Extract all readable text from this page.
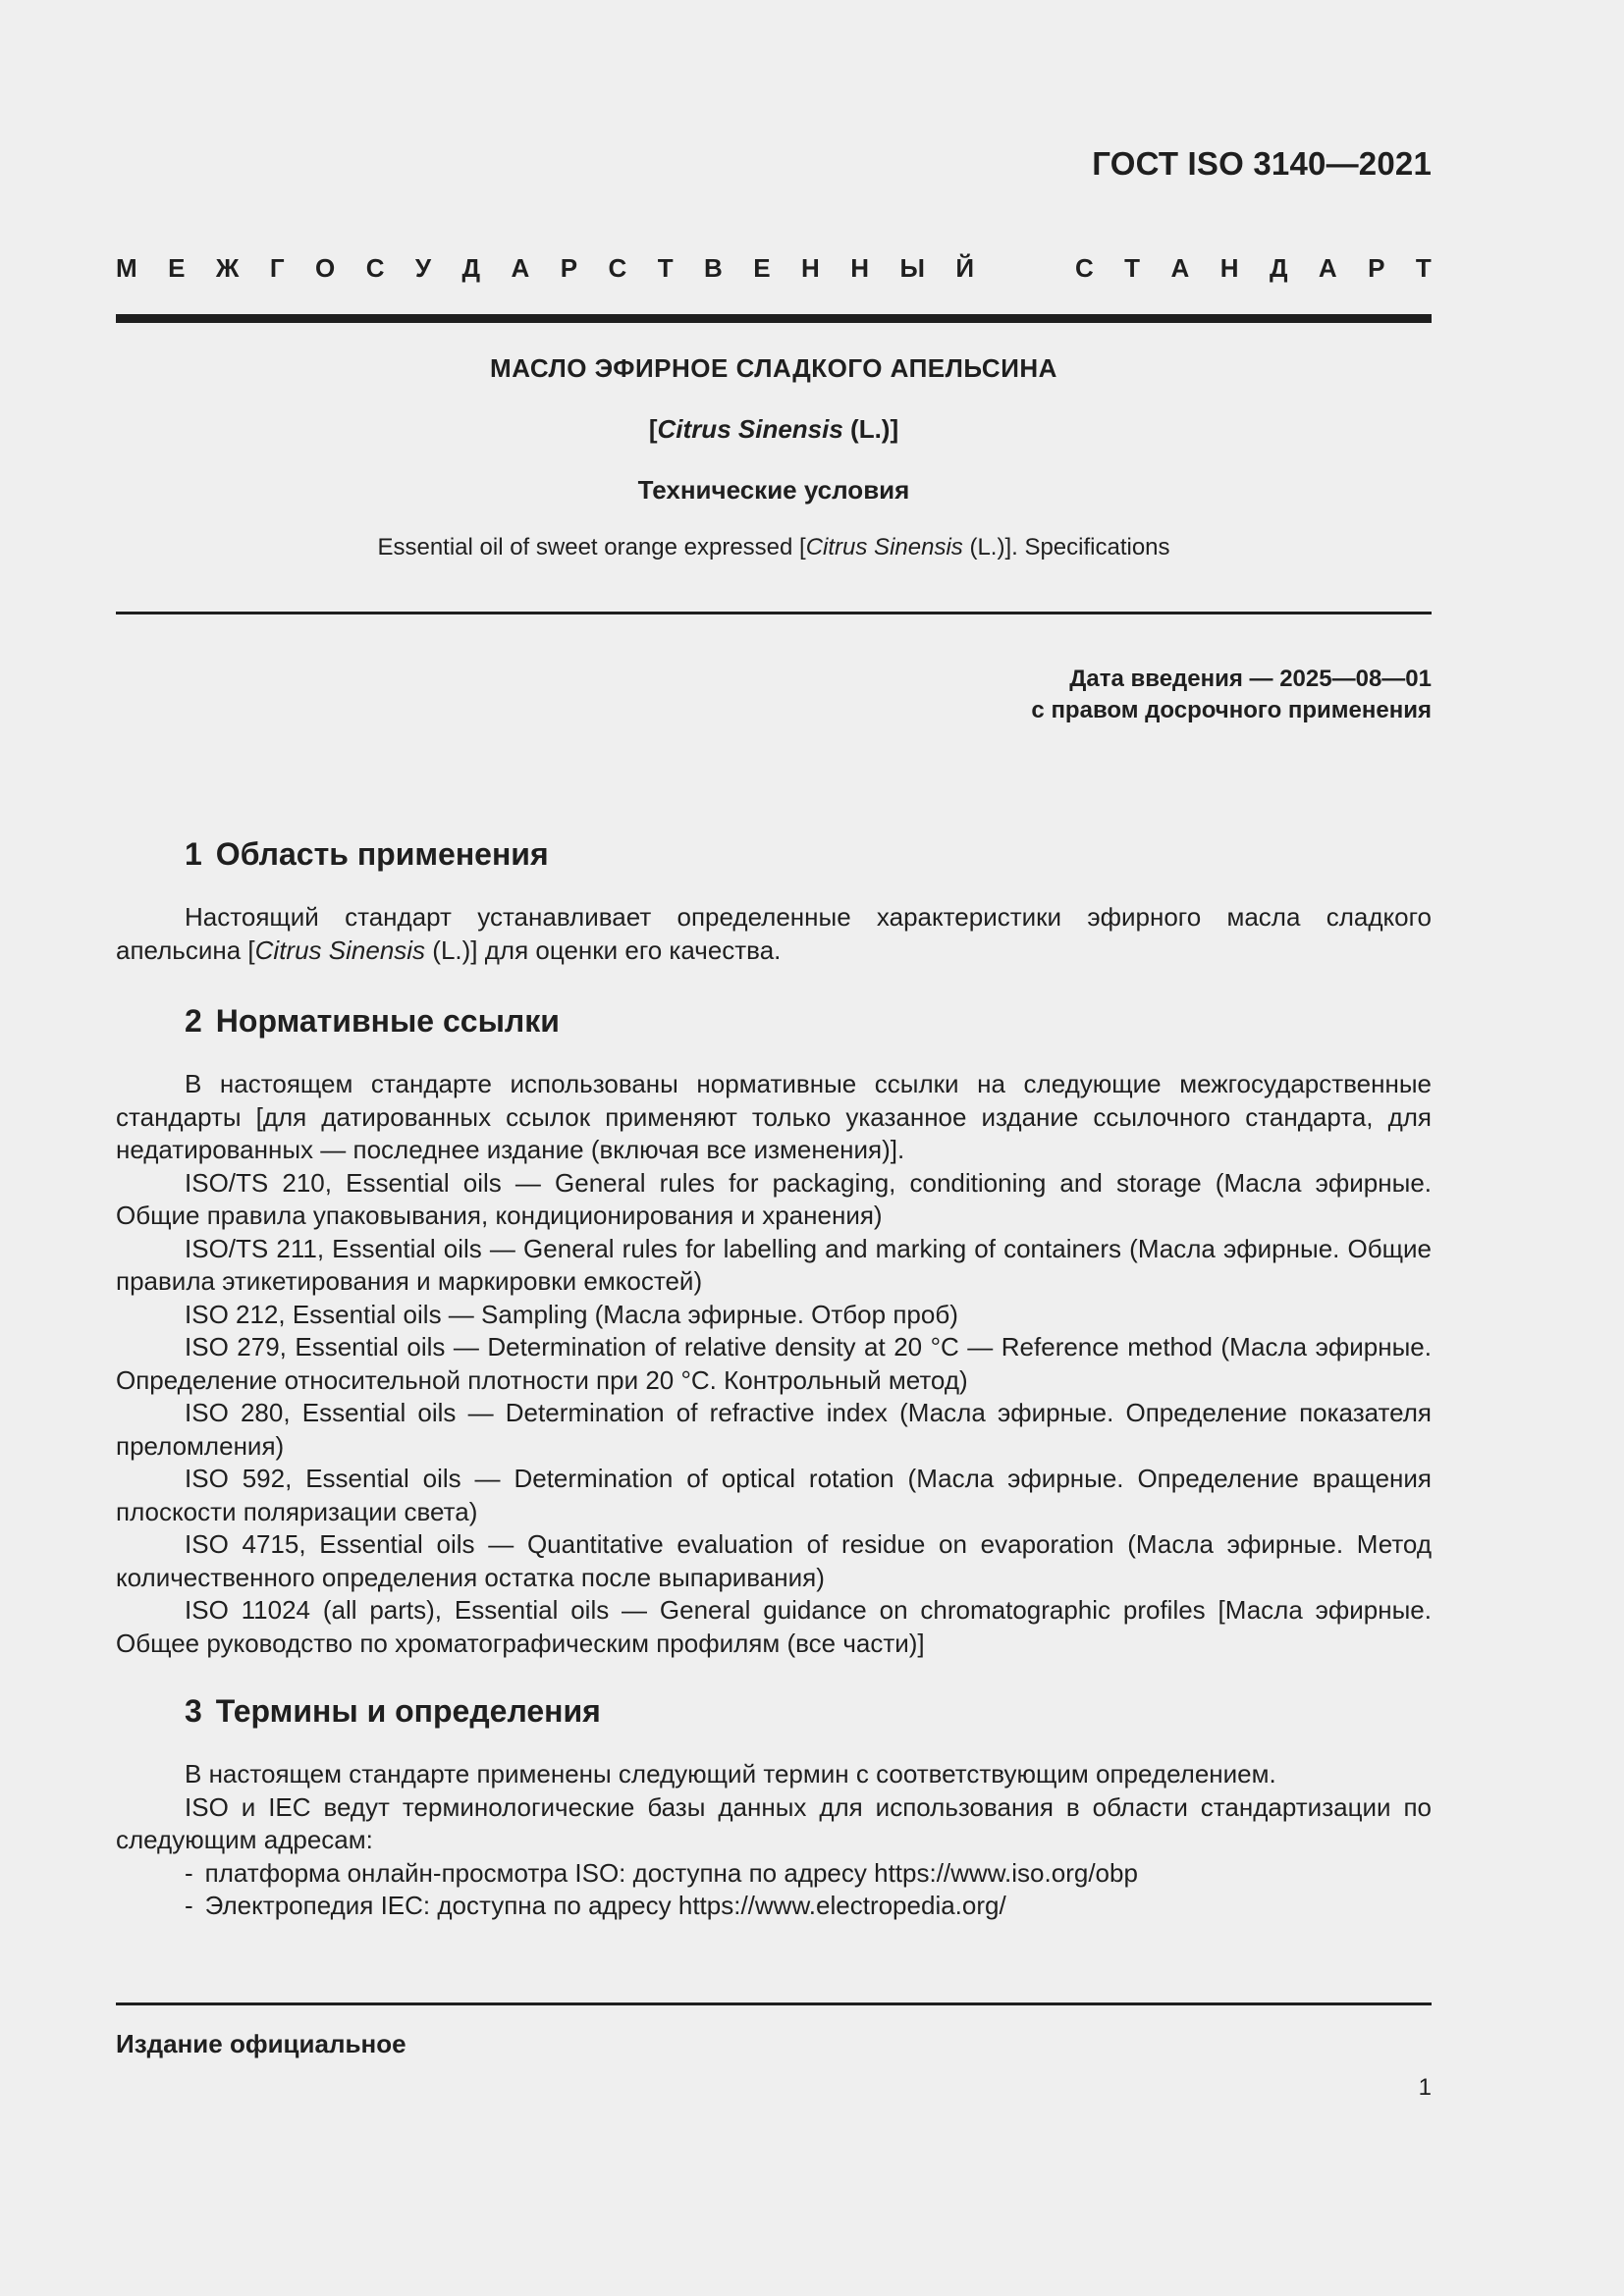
ГОСТ ISO 3140—2021
М Е Ж Г О С У Д А Р С Т В Е Н Н Ы Й	С Т А Н Д А Р Т
МАСЛО ЭФИРНОЕ СЛАДКОГО АПЕЛЬСИНА
[Citrus Sinensis (L.)]
Технические условия
Essential oil of sweet orange expressed [Citrus Sinensis (L.)]. Specifications
Дата введения — 2025—08—01
с правом досрочного применения
1 Область применения

Настоящий стандарт устанавливает определенные характеристики эфирного масла сладкого апельсина [Citrus Sinensis (L.)] для оценки его качества.

2 Нормативные ссылки

В настоящем стандарте использованы нормативные ссылки на следующие межгосударственные стандарты [для датированных ссылок применяют только указанное издание ссылочного стандарта, для недатированных — последнее издание (включая все изменения)].

ISO/TS 210, Essential oils — General rules for packaging, conditioning and storage (Масла эфирные. Общие правила упаковывания, кондиционирования и хранения)

ISO/TS 211, Essential oils — General rules for labelling and marking of containers (Масла эфирные. Общие правила этикетирования и маркировки емкостей)

ISO 212, Essential oils — Sampling (Масла эфирные. Отбор проб)

ISO 279, Essential oils — Determination of relative density at 20 °C — Reference method (Масла эфирные. Определение относительной плотности при 20 °C. Контрольный метод)

ISO 280, Essential oils — Determination of refractive index (Масла эфирные. Определение показателя преломления)

ISO 592, Essential oils — Determination of optical rotation (Масла эфирные. Определение вращения плоскости поляризации света)

ISO 4715, Essential oils — Quantitative evaluation of residue on evaporation (Масла эфирные. Метод количественного определения остатка после выпаривания)

ISO 11024 (all parts), Essential oils — General guidance on chromatographic profiles [Масла эфирные. Общее руководство по хроматографическим профилям (все части)]

3 Термины и определения

В настоящем стандарте применены следующий термин с соответствующим определением.

ISO и IEC ведут терминологические базы данных для использования в области стандартизации по следующим адресам:

- платформа онлайн-просмотра ISO: доступна по адресу https://www.iso.org/obp
- Электропедия IEC: доступна по адресу https://www.electropedia.org/
Издание официальное
1
